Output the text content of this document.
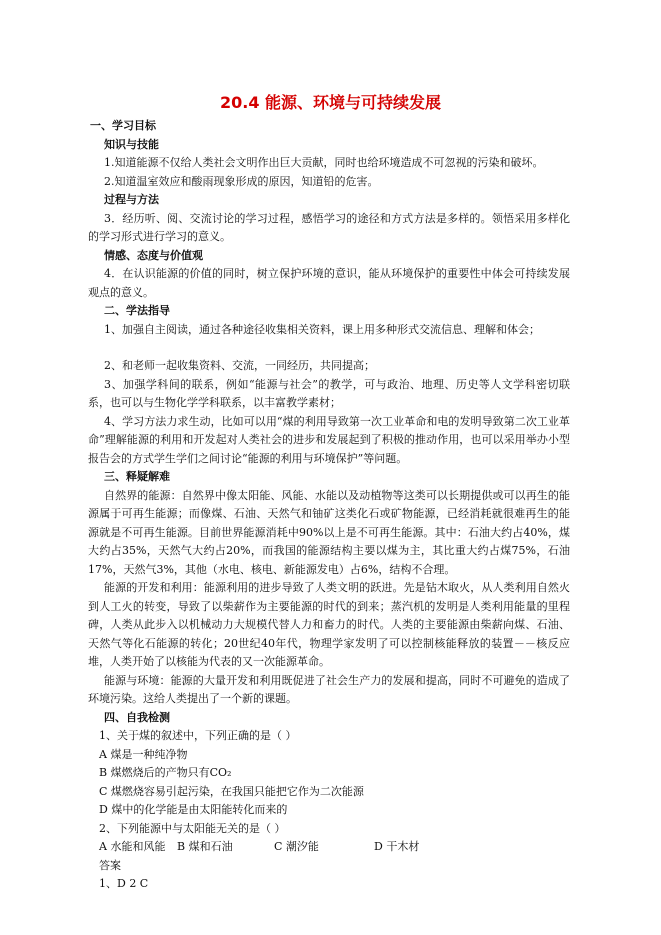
20.4 能源、环境与可持续发展
一、学习目标
知识与技能
1.知道能源不仅给人类社会文明作出巨大贡献，同时也给环境造成不可忽视的污染和破坏。
2.知道温室效应和酸雨现象形成的原因，知道铅的危害。
过程与方法
3．经历听、阅、交流讨论的学习过程，感悟学习的途径和方式方法是多样的。领悟采用多样化的学习形式进行学习的意义。
情感、态度与价值观
4．在认识能源的价值的同时，树立保护环境的意识，能从环境保护的重要性中体会可持续发展观点的意义。
二、学法指导
1、加强自主阅读，通过各种途径收集相关资料，课上用多种形式交流信息、理解和体会；
2、和老师一起收集资料、交流，一同经历，共同提高；
3、加强学科间的联系，例如“能源与社会”的教学，可与政治、地理、历史等人文学科密切联系，也可以与生物化学学科联系，以丰富教学素材；
4、学习方法力求生动，比如可以用“煤的利用导致第一次工业革命和电的发明导致第二次工业革命”理解能源的利用和开发起对人类社会的进步和发展起到了积极的推动作用，也可以采用举办小型报告会的方式学生学们之间讨论“能源的利用与环境保护”等问题。
三、释疑解难
自然界的能源：自然界中像太阳能、风能、水能以及动植物等这类可以长期提供或可以再生的能源属于可再生能源；而像煤、石油、天然气和铀矿这类化石或矿物能源，已经消耗就很难再生的能源就是不可再生能源。目前世界能源消耗中90%以上是不可再生能源。其中：石油大约占40%，煤大约占35%，天然气大约占20%，而我国的能源结构主要以煤为主，其比重大约占煤75%，石油17%，天然气3%，其他（水电、核电、新能源发电）占6%，结构不合理。
能源的开发和利用：能源利用的进步导致了人类文明的跃进。先是钻木取火，从人类利用自然火到人工火的转变，导致了以柴薪作为主要能源的时代的到来；蒸汽机的发明是人类利用能量的里程碑，人类从此步入以机械动力大规模代替人力和畜力的时代。人类的主要能源由柴薪向煤、石油、天然气等化石能源的转化；20世纪40年代，物理学家发明了可以控制核能释放的装置－－核反应堆，人类开始了以核能为代表的又一次能源革命。
能源与环境：能源的大量开发和利用既促进了社会生产力的发展和提高，同时不可避免的造成了环境污染。这给人类提出了一个新的课题。
四、自我检测
1、关于煤的叙述中，下列正确的是（ ）
A 煤是一种纯净物
B 煤燃烧后的产物只有CO₂
C 煤燃烧容易引起污染，在我国只能把它作为二次能源
D 煤中的化学能是由太阳能转化而来的
2、下列能源中与太阳能无关的是（ ）
A 水能和风能 B 煤和石油	C 潮汐能	D 干木材
答案
1、D 2 C
